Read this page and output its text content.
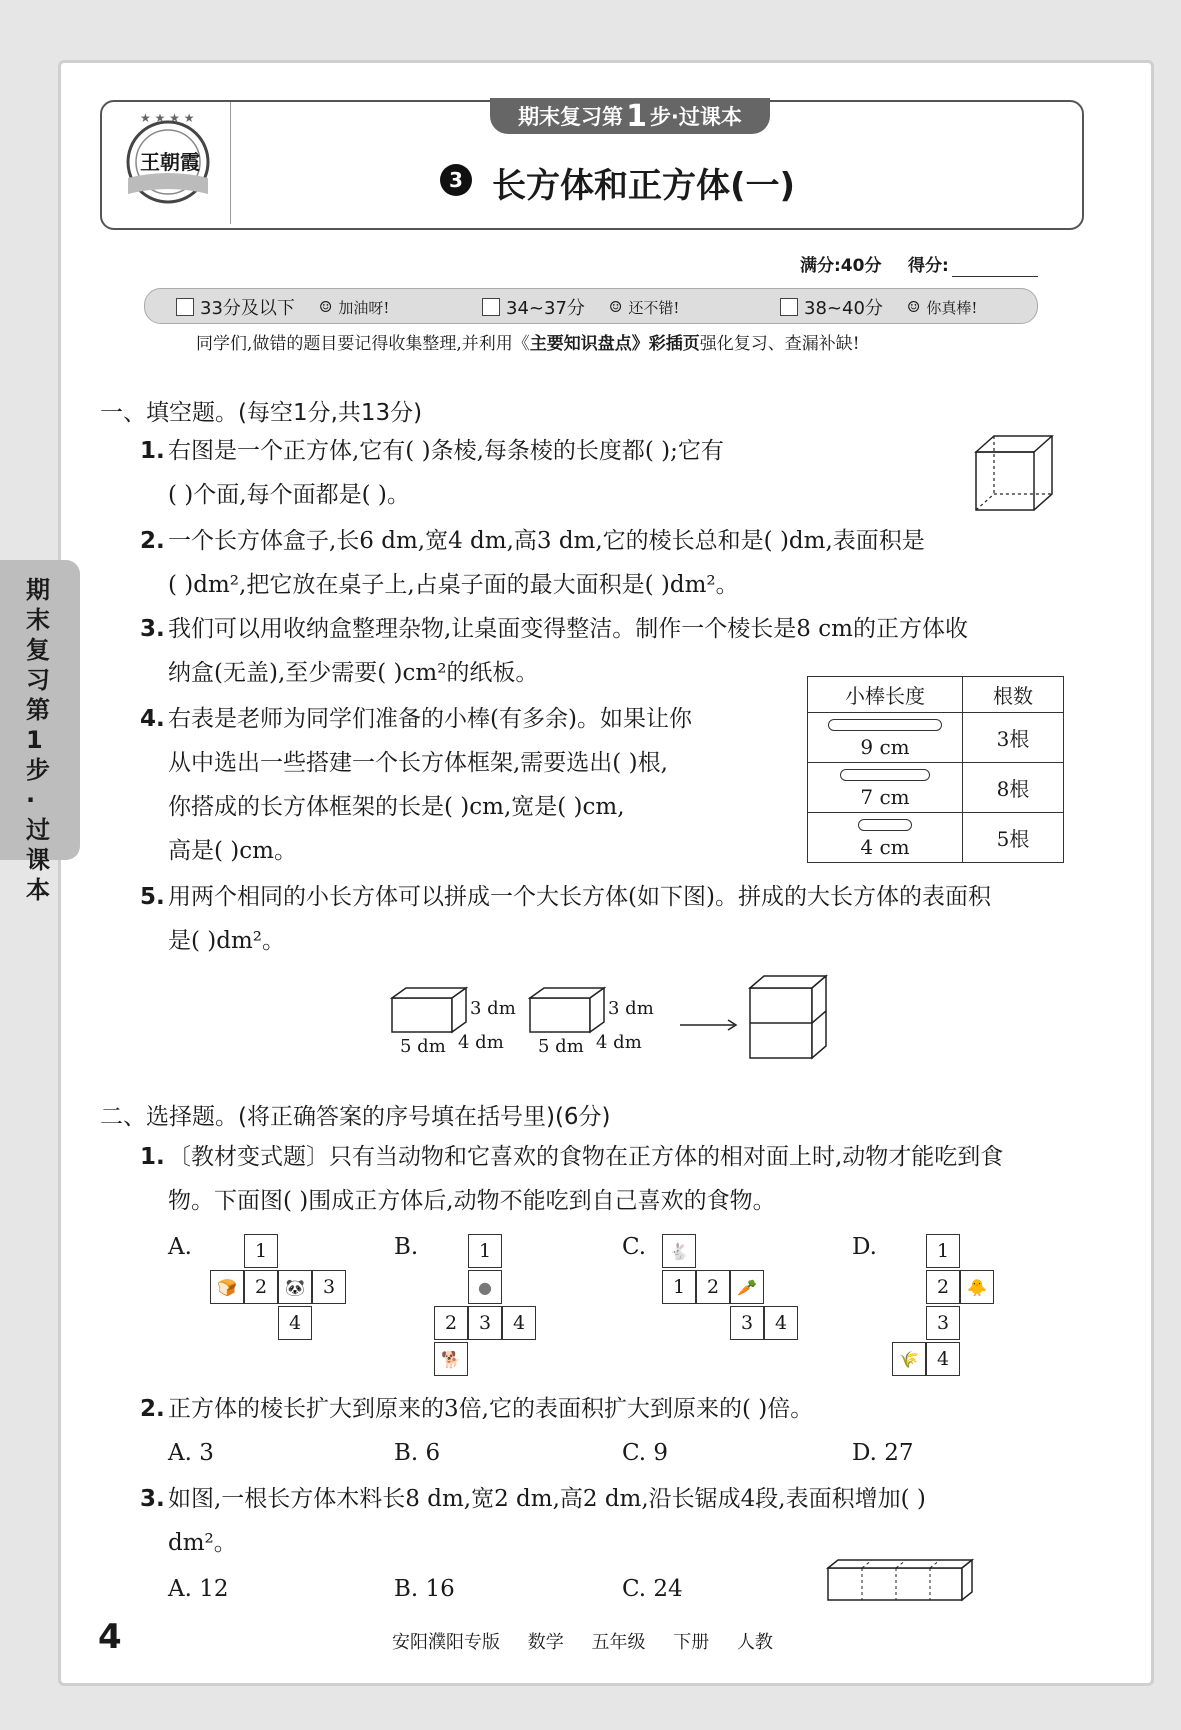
★ ★ ★ ★
王朝霞
期末复习第 1 步·过课本
3 长方体和正方体(一)
满分:40分 得分:
33分及以下 ☺ 加油呀!	34~37分 ☺ 还不错!	38~40分 ☺ 你真棒!
同学们,做错的题目要记得收集整理,并利用《主要知识盘点》彩插页强化复习、查漏补缺!
期末复习第1步·过课本
一、填空题。(每空1分,共13分)
1. 右图是一个正方体,它有( )条棱,每条棱的长度都( );它有
( )个面,每个面都是( )。
2. 一个长方体盒子,长6 dm,宽4 dm,高3 dm,它的棱长总和是( )dm,表面积是
( )dm²,把它放在桌子上,占桌子面的最大面积是( )dm²。
3. 我们可以用收纳盒整理杂物,让桌面变得整洁。制作一个棱长是8 cm的正方体收
纳盒(无盖),至少需要( )cm²的纸板。
4. 右表是老师为同学们准备的小棒(有多余)。如果让你
从中选出一些搭建一个长方体框架,需要选出( )根,
你搭成的长方体框架的长是( )cm,宽是( )cm,
高是( )cm。
小棒长度	根数

9 cm	3根

7 cm	8根

4 cm	5根
5. 用两个相同的小长方体可以拼成一个大长方体(如下图)。拼成的大长方体的表面积
是( )dm²。
3 dm
5 dm 4 dm
3 dm
5 dm 4 dm
二、选择题。(将正确答案的序号填在括号里)(6分)
1. 〔教材变式题〕只有当动物和它喜欢的食物在正方体的相对面上时,动物才能吃到食
物。下面图( )围成正方体后,动物不能吃到自己喜欢的食物。
A.	1
🍞 2	🐼 3
4
B.	1
●
2	3	4
🐕
C.	🐇
1	2	🥕
3	4
D.	1
2	🐥
3
🌾 4
2. 正方体的棱长扩大到原来的3倍,它的表面积扩大到原来的( )倍。
A. 3	B. 6	C. 9	D. 27
3. 如图,一根长方体木料长8 dm,宽2 dm,高2 dm,沿长锯成4段,表面积增加( )
dm²。
A. 12	B. 16	C. 24
4	安阳濮阳专版 数学 五年级 下册 人教
